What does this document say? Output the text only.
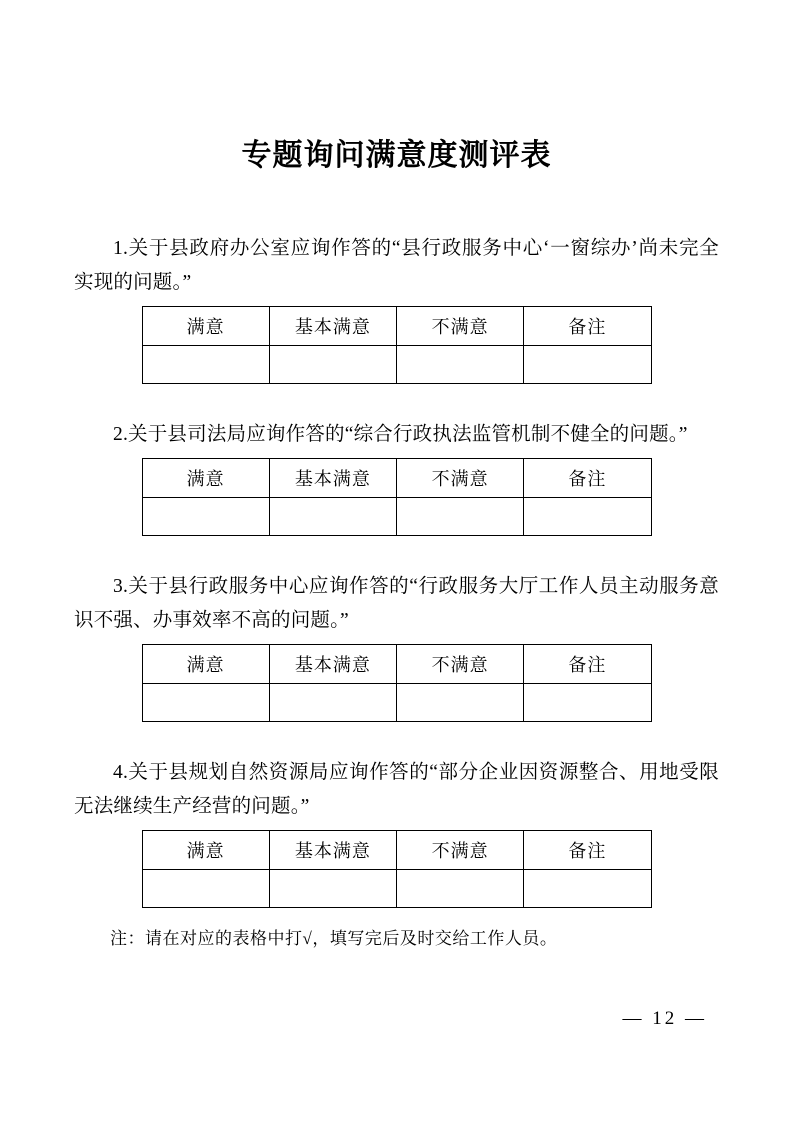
专题询问满意度测评表

1.关于县政府办公室应询作答的“县行政服务中心‘一窗综办’尚未完全实现的问题。”

满意	基本满意	不满意	备注

2.关于县司法局应询作答的“综合行政执法监管机制不健全的问题。”

满意	基本满意	不满意	备注

3.关于县行政服务中心应询作答的“行政服务大厅工作人员主动服务意识不强、办事效率不高的问题。”

满意	基本满意	不满意	备注

4.关于县规划自然资源局应询作答的“部分企业因资源整合、用地受限无法继续生产经营的问题。”

满意	基本满意	不满意	备注

注：请在对应的表格中打√，填写完后及时交给工作人员。

— 12 —
